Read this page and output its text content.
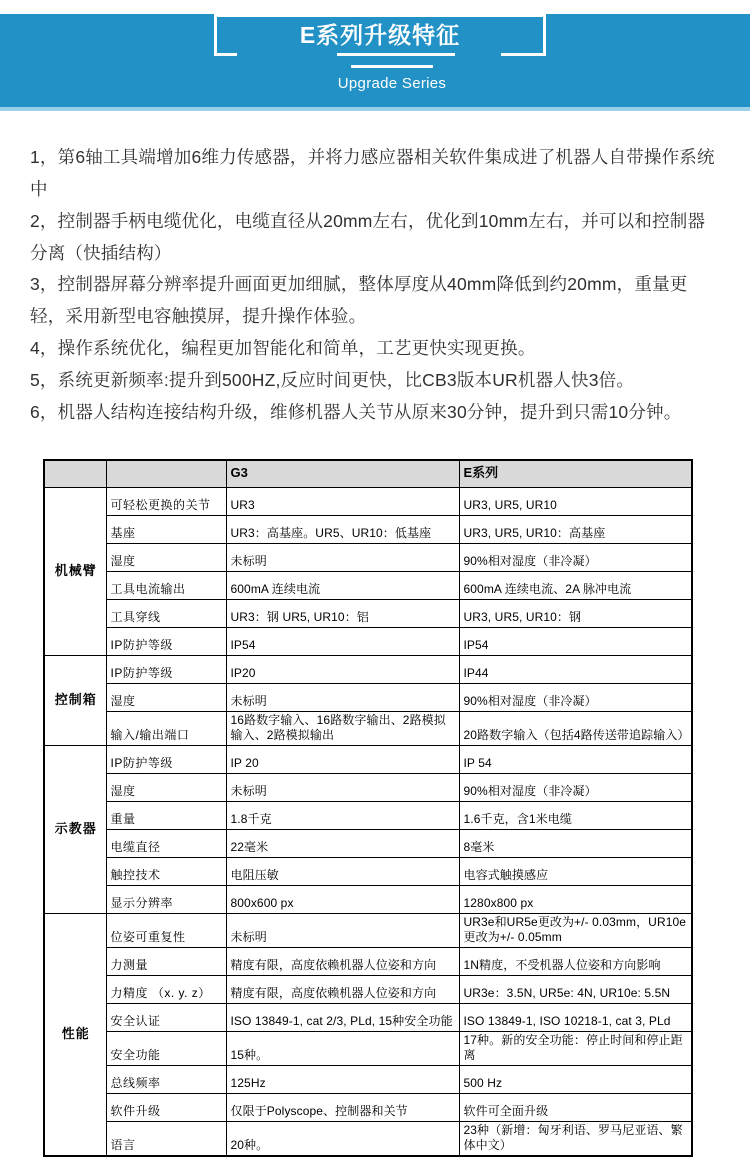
E系列升级特征
Upgrade Series

1，第6轴工具端增加6维力传感器，并将力感应器相关软件集成进了机器人自带操作系统中

2，控制器手柄电缆优化，电缆直径从20mm左右，优化到10mm左右，并可以和控制器分离（快插结构）

3，控制器屏幕分辨率提升画面更加细腻，整体厚度从40mm降低到约20mm，重量更轻，采用新型电容触摸屏，提升操作体验。

4，操作系统优化，编程更加智能化和简单，工艺更快实现更换。

5，系统更新频率:提升到500HZ,反应时间更快，比CB3版本UR机器人快3倍。

6，机器人结构连接结构升级，维修机器人关节从原来30分钟，提升到只需10分钟。

		G3	E系列
机械臂	可轻松更换的关节	UR3	UR3, UR5, UR10
	基座	UR3：高基座。UR5、UR10：低基座	UR3, UR5, UR10：高基座
	湿度	未标明	90%相对湿度（非冷凝）
	工具电流输出	600mA 连续电流	600mA 连续电流、2A 脉冲电流
	工具穿线	UR3：钢 UR5, UR10：铝	UR3, UR5, UR10：钢
	IP防护等级	IP54	IP54
控制箱	IP防护等级	IP20	IP44
	湿度	未标明	90%相对湿度（非冷凝）
	输入/输出端口	16路数字输入、16路数字输出、2路模拟输入、2路模拟输出	20路数字输入（包括4路传送带追踪输入）
示教器	IP防护等级	IP 20	IP 54
	湿度	未标明	90%相对湿度（非冷凝）
	重量	1.8千克	1.6千克，含1米电缆
	电缆直径	22毫米	8毫米
	触控技术	电阻压敏	电容式触摸感应
	显示分辨率	800x600 px	1280x800 px
性能	位姿可重复性	未标明	UR3e和UR5e更改为+/- 0.03mm，UR10e更改为+/- 0.05mm
	力测量	精度有限，高度依赖机器人位姿和方向	1N精度，不受机器人位姿和方向影响
	力精度 （x. y. z）	精度有限，高度依赖机器人位姿和方向	UR3e：3.5N, UR5e: 4N, UR10e: 5.5N
	安全认证	ISO 13849-1, cat 2/3, PLd, 15种安全功能	ISO 13849-1, ISO 10218-1, cat 3, PLd
	安全功能	15种。	17种。新的安全功能：停止时间和停止距离
	总线频率	125Hz	500 Hz
	软件升级	仅限于Polyscope、控制器和关节	软件可全面升级
	语言	20种。	23种（新增：匈牙利语、罗马尼亚语、繁体中文）
